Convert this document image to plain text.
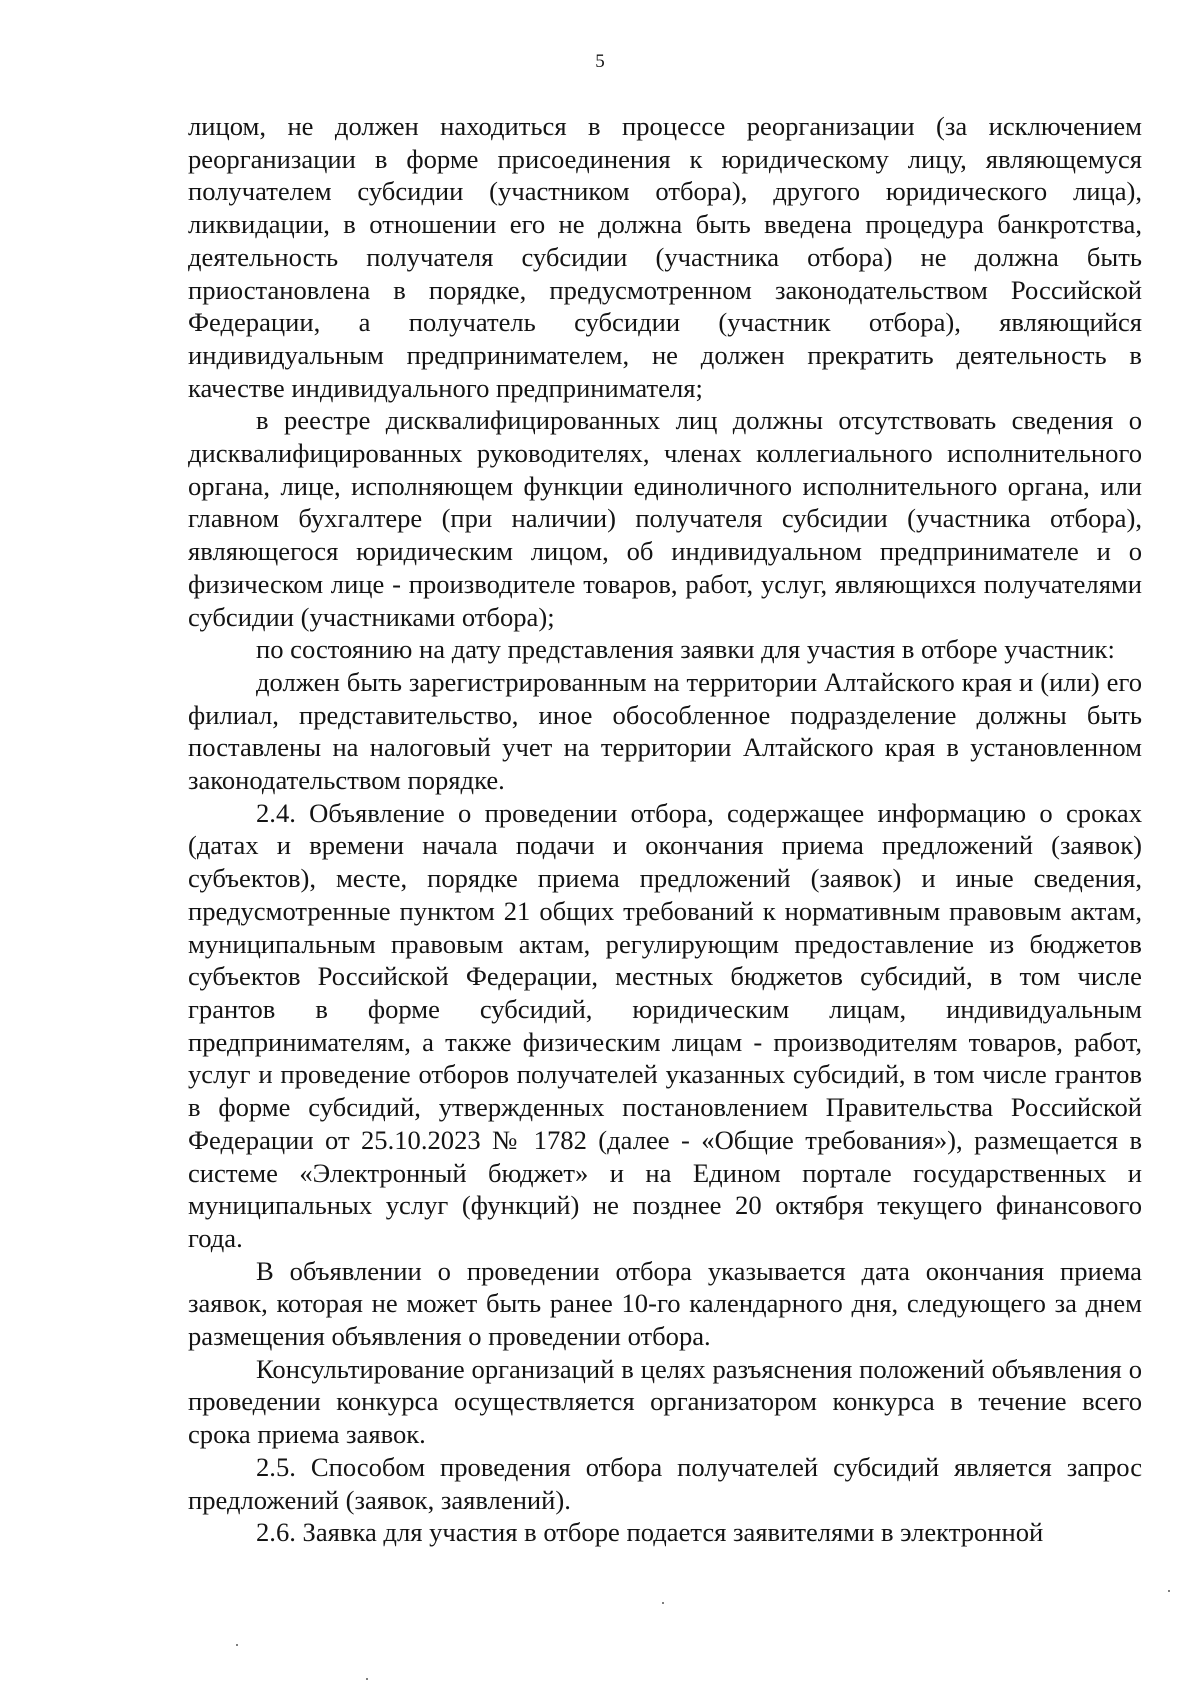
5

лицом, не должен находиться в процессе реорганизации (за исключением реорганизации в форме присоединения к юридическому лицу, являющемуся получателем субсидии (участником отбора), другого юридического лица), ликвидации, в отношении его не должна быть введена процедура банкротства, деятельность получателя субсидии (участника отбора) не должна быть приостановлена в порядке, предусмотренном законодательством Российской Федерации, а получатель субсидии (участник отбора), являющийся индивидуальным предпринимателем, не должен прекратить деятельность в качестве индивидуального предпринимателя;

в реестре дисквалифицированных лиц должны отсутствовать сведения о дисквалифицированных руководителях, членах коллегиального исполнительного органа, лице, исполняющем функции единоличного исполнительного органа, или главном бухгалтере (при наличии) получателя субсидии (участника отбора), являющегося юридическим лицом, об индивидуальном предпринимателе и о физическом лице - производителе товаров, работ, услуг, являющихся получателями субсидии (участниками отбора);

по состоянию на дату представления заявки для участия в отборе участник:

должен быть зарегистрированным на территории Алтайского края и (или) его филиал, представительство, иное обособленное подразделение должны быть поставлены на налоговый учет на территории Алтайского края в установленном законодательством порядке.

2.4. Объявление о проведении отбора, содержащее информацию о сроках (датах и времени начала подачи и окончания приема предложений (заявок) субъектов), месте, порядке приема предложений (заявок) и иные сведения, предусмотренные пунктом 21 общих требований к нормативным правовым актам, муниципальным правовым актам, регулирующим предоставление из бюджетов субъектов Российской Федерации, местных бюджетов субсидий, в том числе грантов в форме субсидий, юридическим лицам, индивидуальным предпринимателям, а также физическим лицам - производителям товаров, работ, услуг и проведение отборов получателей указанных субсидий, в том числе грантов в форме субсидий, утвержденных постановлением Правительства Российской Федерации от 25.10.2023 № 1782 (далее - «Общие требования»), размещается в системе «Электронный бюджет» и на Едином портале государственных и муниципальных услуг (функций) не позднее 20 октября текущего финансового года.

В объявлении о проведении отбора указывается дата окончания приема заявок, которая не может быть ранее 10-го календарного дня, следующего за днем размещения объявления о проведении отбора.

Консультирование организаций в целях разъяснения положений объявления о проведении конкурса осуществляется организатором конкурса в течение всего срока приема заявок.

2.5. Способом проведения отбора получателей субсидий является запрос предложений (заявок, заявлений).

2.6. Заявка для участия в отборе подается заявителями в электронной
